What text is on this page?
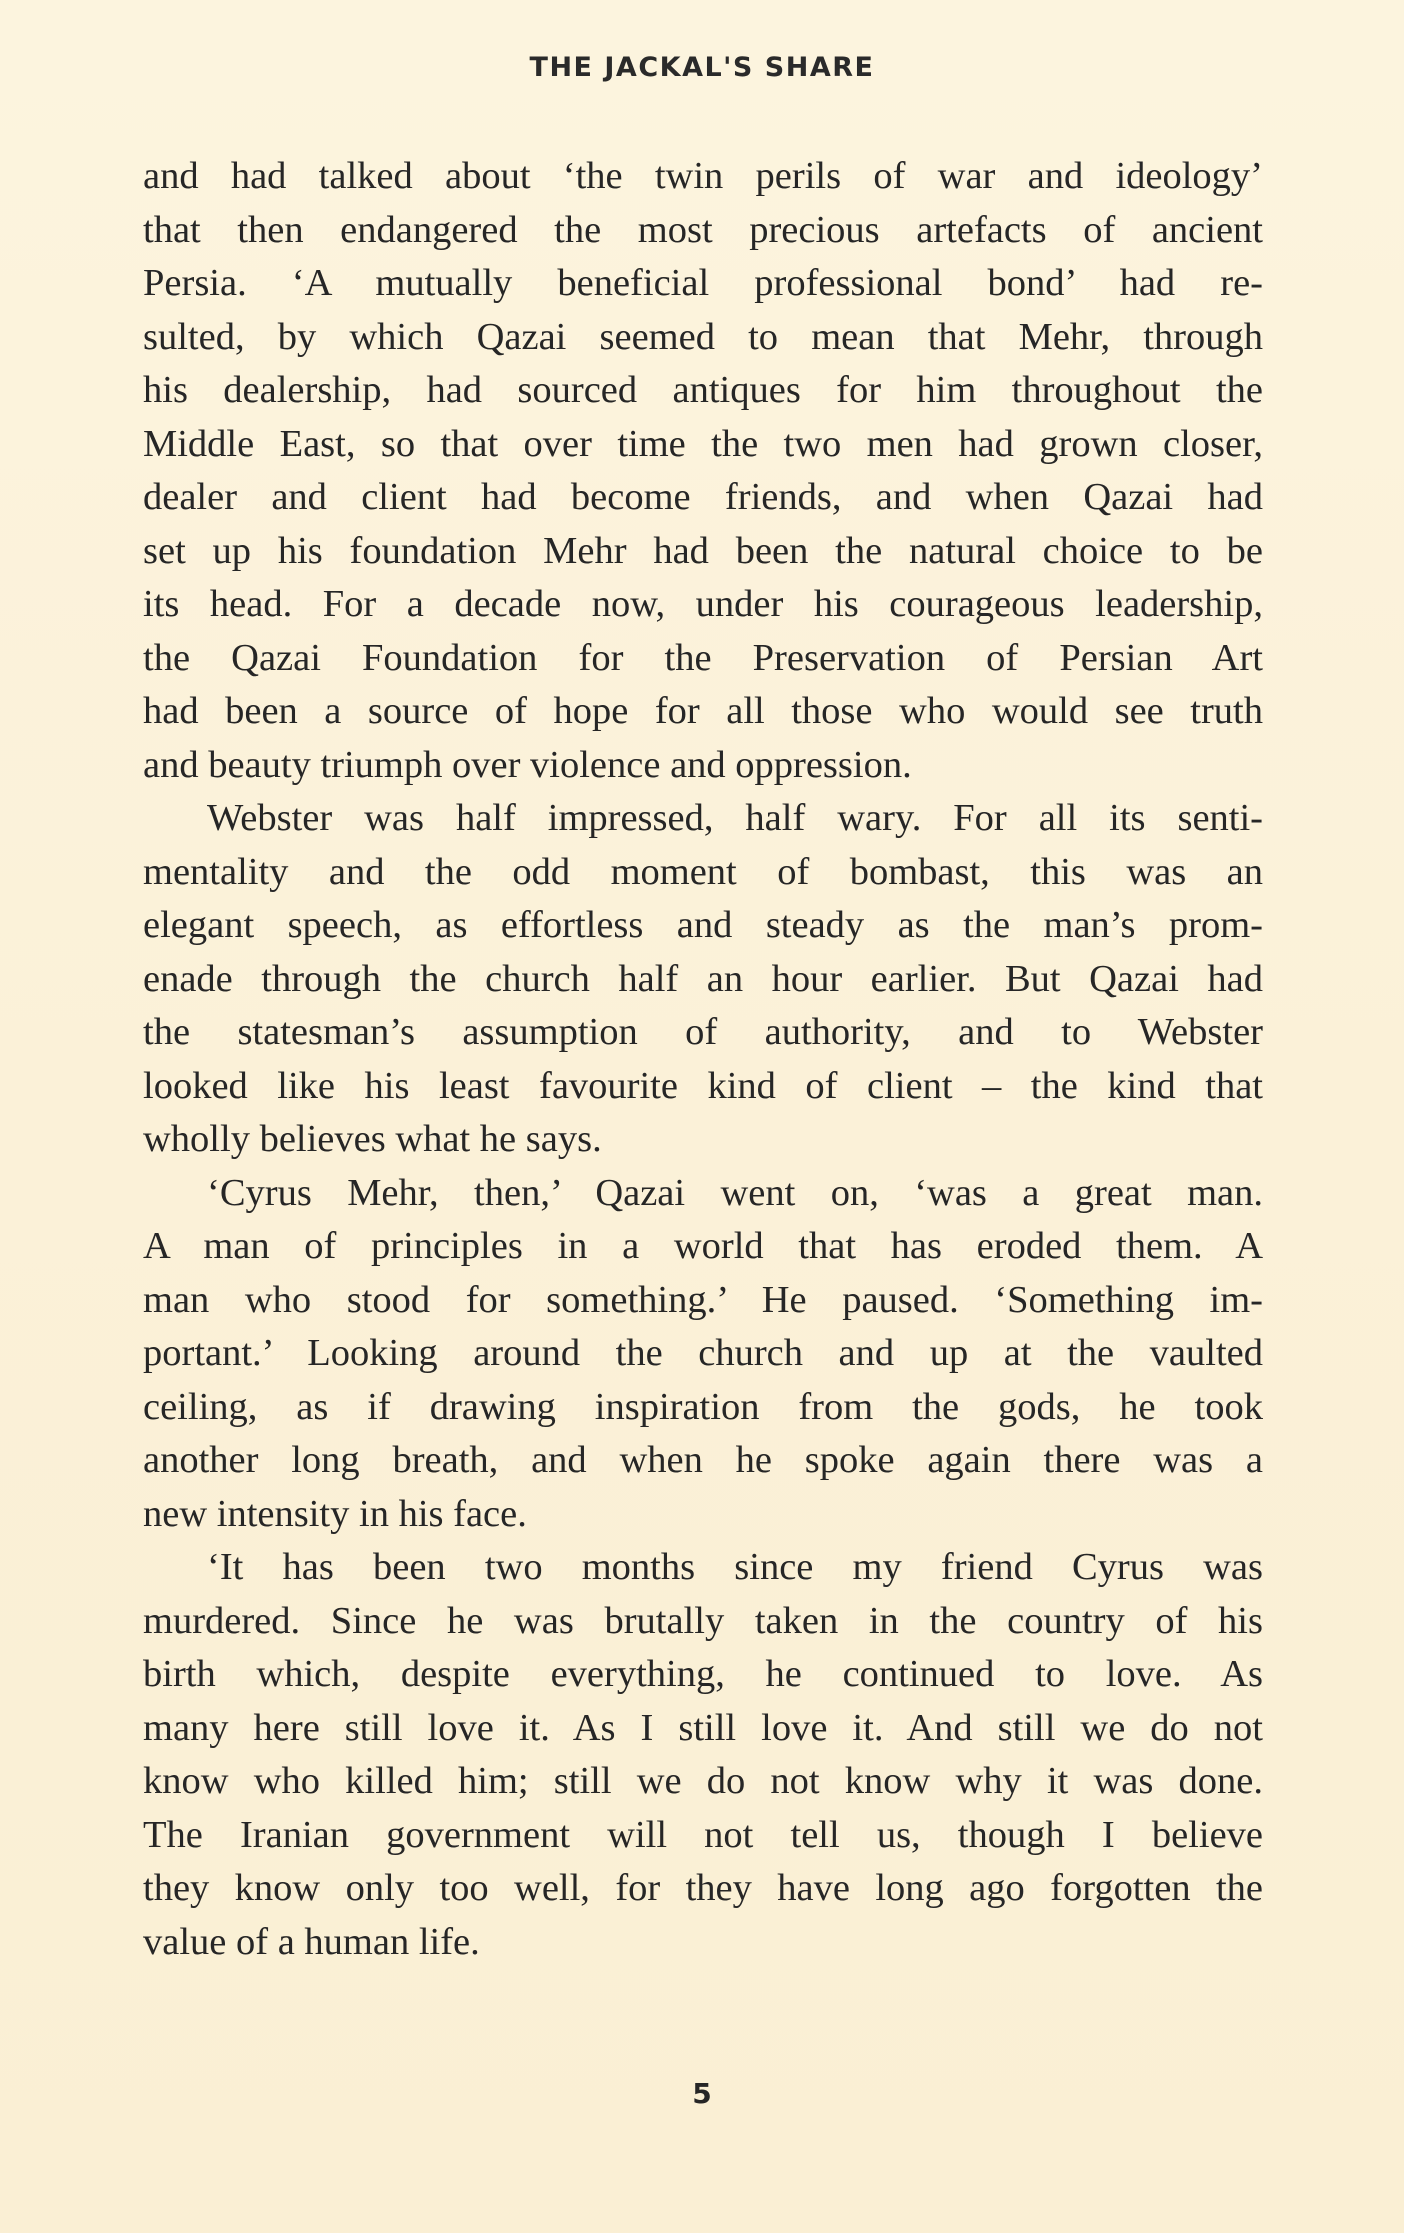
THE JACKAL'S SHARE

and had talked about ‘the twin perils of war and ideology’
that then endangered the most precious artefacts of ancient
Persia. ‘A mutually beneficial professional bond’ had re-
sulted, by which Qazai seemed to mean that Mehr, through
his dealership, had sourced antiques for him throughout the
Middle East, so that over time the two men had grown closer,
dealer and client had become friends, and when Qazai had
set up his foundation Mehr had been the natural choice to be
its head. For a decade now, under his courageous leadership,
the Qazai Foundation for the Preservation of Persian Art
had been a source of hope for all those who would see truth
and beauty triumph over violence and oppression.

Webster was half impressed, half wary. For all its senti-
mentality and the odd moment of bombast, this was an
elegant speech, as effortless and steady as the man’s prom-
enade through the church half an hour earlier. But Qazai had
the statesman’s assumption of authority, and to Webster
looked like his least favourite kind of client – the kind that
wholly believes what he says.

‘Cyrus Mehr, then,’ Qazai went on, ‘was a great man.
A man of principles in a world that has eroded them. A
man who stood for something.’ He paused. ‘Something im-
portant.’ Looking around the church and up at the vaulted
ceiling, as if drawing inspiration from the gods, he took
another long breath, and when he spoke again there was a
new intensity in his face.

‘It has been two months since my friend Cyrus was
murdered. Since he was brutally taken in the country of his
birth which, despite everything, he continued to love. As
many here still love it. As I still love it. And still we do not
know who killed him; still we do not know why it was done.
The Iranian government will not tell us, though I believe
they know only too well, for they have long ago forgotten the
value of a human life.

5
